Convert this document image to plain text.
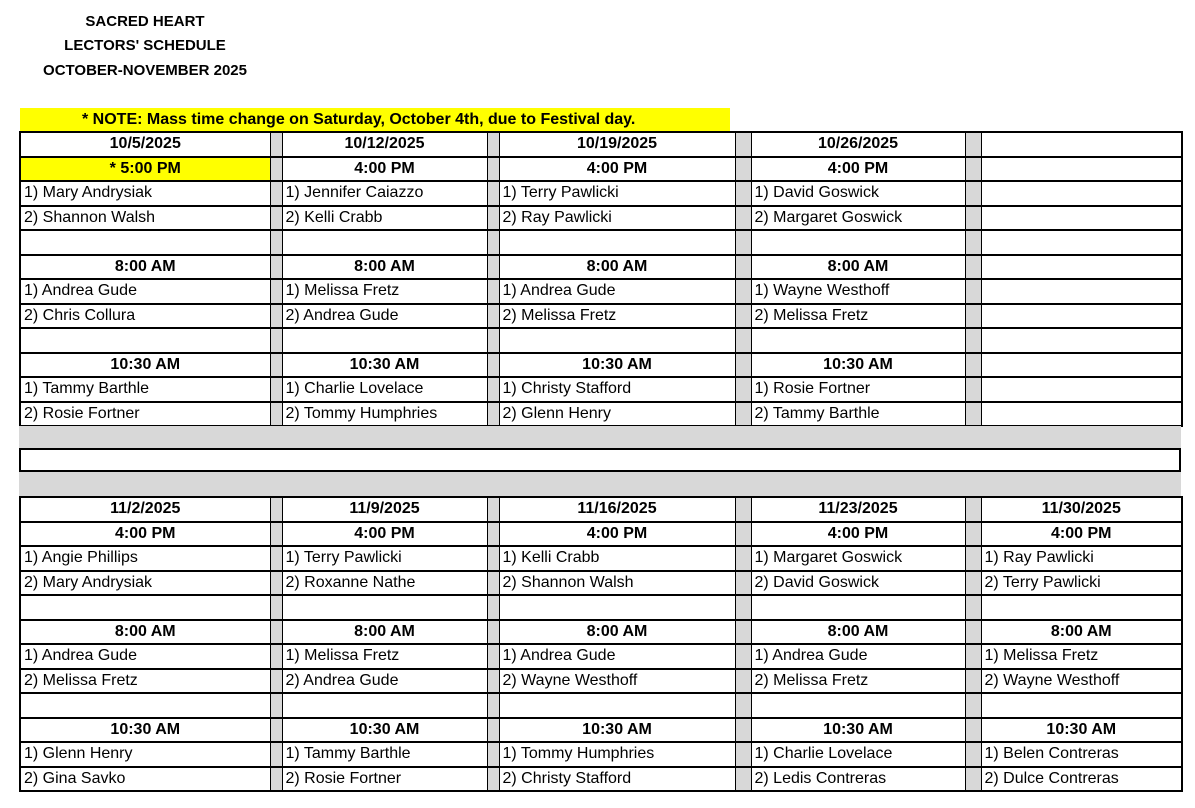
SACRED HEART
LECTORS' SCHEDULE
OCTOBER-NOVEMBER 2025
* NOTE: Mass time change on Saturday, October 4th, due to Festival day.
10/5/2025		10/12/2025		10/19/2025		10/26/2025		
* 5:00 PM		4:00 PM		4:00 PM		4:00 PM		
1) Mary Andrysiak		1) Jennifer Caiazzo		1) Terry Pawlicki		1) David Goswick		
2) Shannon Walsh		2) Kelli Crabb		2) Ray Pawlicki		2) Margaret Goswick		

8:00 AM		8:00 AM		8:00 AM		8:00 AM		
1) Andrea Gude		1) Melissa Fretz		1) Andrea Gude		1) Wayne Westhoff		
2) Chris Collura		2) Andrea Gude		2) Melissa Fretz		2) Melissa Fretz		

10:30 AM		10:30 AM		10:30 AM		10:30 AM		
1) Tammy Barthle		1) Charlie Lovelace		1) Christy Stafford		1) Rosie Fortner		
2) Rosie Fortner		2) Tommy Humphries		2) Glenn Henry		2) Tammy Barthle		
11/2/2025		11/9/2025		11/16/2025		11/23/2025		11/30/2025
4:00 PM		4:00 PM		4:00 PM		4:00 PM		4:00 PM
1) Angie Phillips		1) Terry Pawlicki		1) Kelli Crabb		1) Margaret Goswick		1) Ray Pawlicki
2) Mary Andrysiak		2) Roxanne Nathe		2) Shannon Walsh		2) David Goswick		2) Terry Pawlicki

8:00 AM		8:00 AM		8:00 AM		8:00 AM		8:00 AM
1) Andrea Gude		1) Melissa Fretz		1) Andrea Gude		1) Andrea Gude		1) Melissa Fretz
2) Melissa Fretz		2) Andrea Gude		2) Wayne Westhoff		2) Melissa Fretz		2) Wayne Westhoff

10:30 AM		10:30 AM		10:30 AM		10:30 AM		10:30 AM
1) Glenn Henry		1) Tammy Barthle		1) Tommy Humphries		1) Charlie Lovelace		1) Belen Contreras
2) Gina Savko		2) Rosie Fortner		2) Christy Stafford		2) Ledis Contreras		2) Dulce Contreras
